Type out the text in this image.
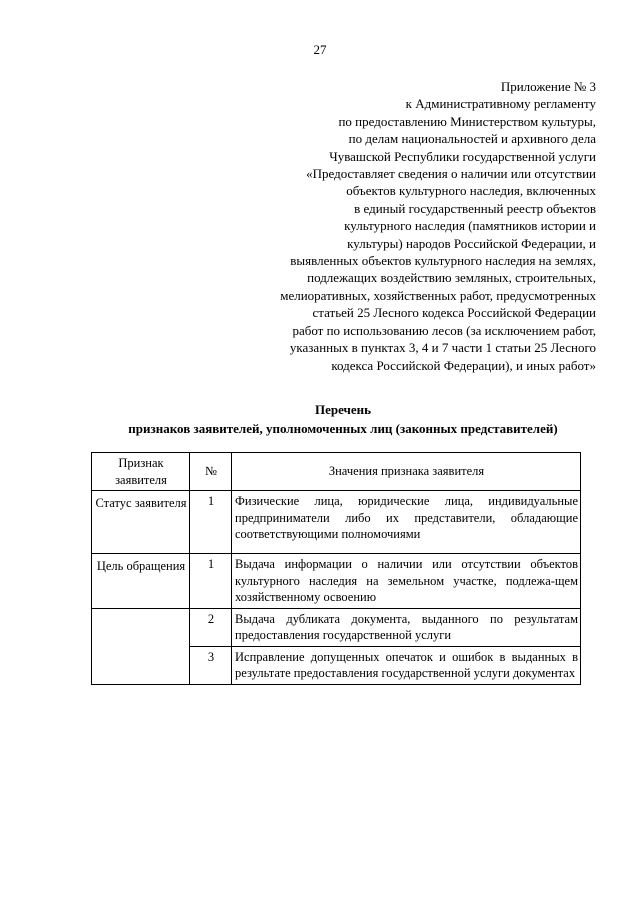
27
Приложение № 3
к Административному регламенту
по предоставлению Министерством культуры,
по делам национальностей и архивного дела
Чувашской Республики государственной услуги
«Предоставляет сведения о наличии или отсутствии
объектов культурного наследия, включенных
в единый государственный реестр объектов
культурного наследия (памятников истории и
культуры) народов Российской Федерации, и
выявленных объектов культурного наследия на землях,
подлежащих воздействию земляных, строительных,
мелиоративных, хозяйственных работ, предусмотренных
статьей 25 Лесного кодекса Российской Федерации
работ по использованию лесов (за исключением работ,
указанных в пунктах 3, 4 и 7 части 1 статьи 25 Лесного
кодекса Российской Федерации), и иных работ»
Перечень
признаков заявителей, уполномоченных лиц (законных представителей)
Признак заявителя	№	Значения признака заявителя

Статус заявителя	1	Физические лица, юридические лица, индивидуальные предприниматели либо их представители, обладающие соответствующими полномочиями

Цель обращения	1	Выдача информации о наличии или отсутствии объектов культурного наследия на земельном участке, подлежа-щем хозяйственному освоению
	2	Выдача дубликата документа, выданного по результатам предоставления государственной услуги
	3	Исправление допущенных опечаток и ошибок в выданных в результате предоставления государственной услуги документах
